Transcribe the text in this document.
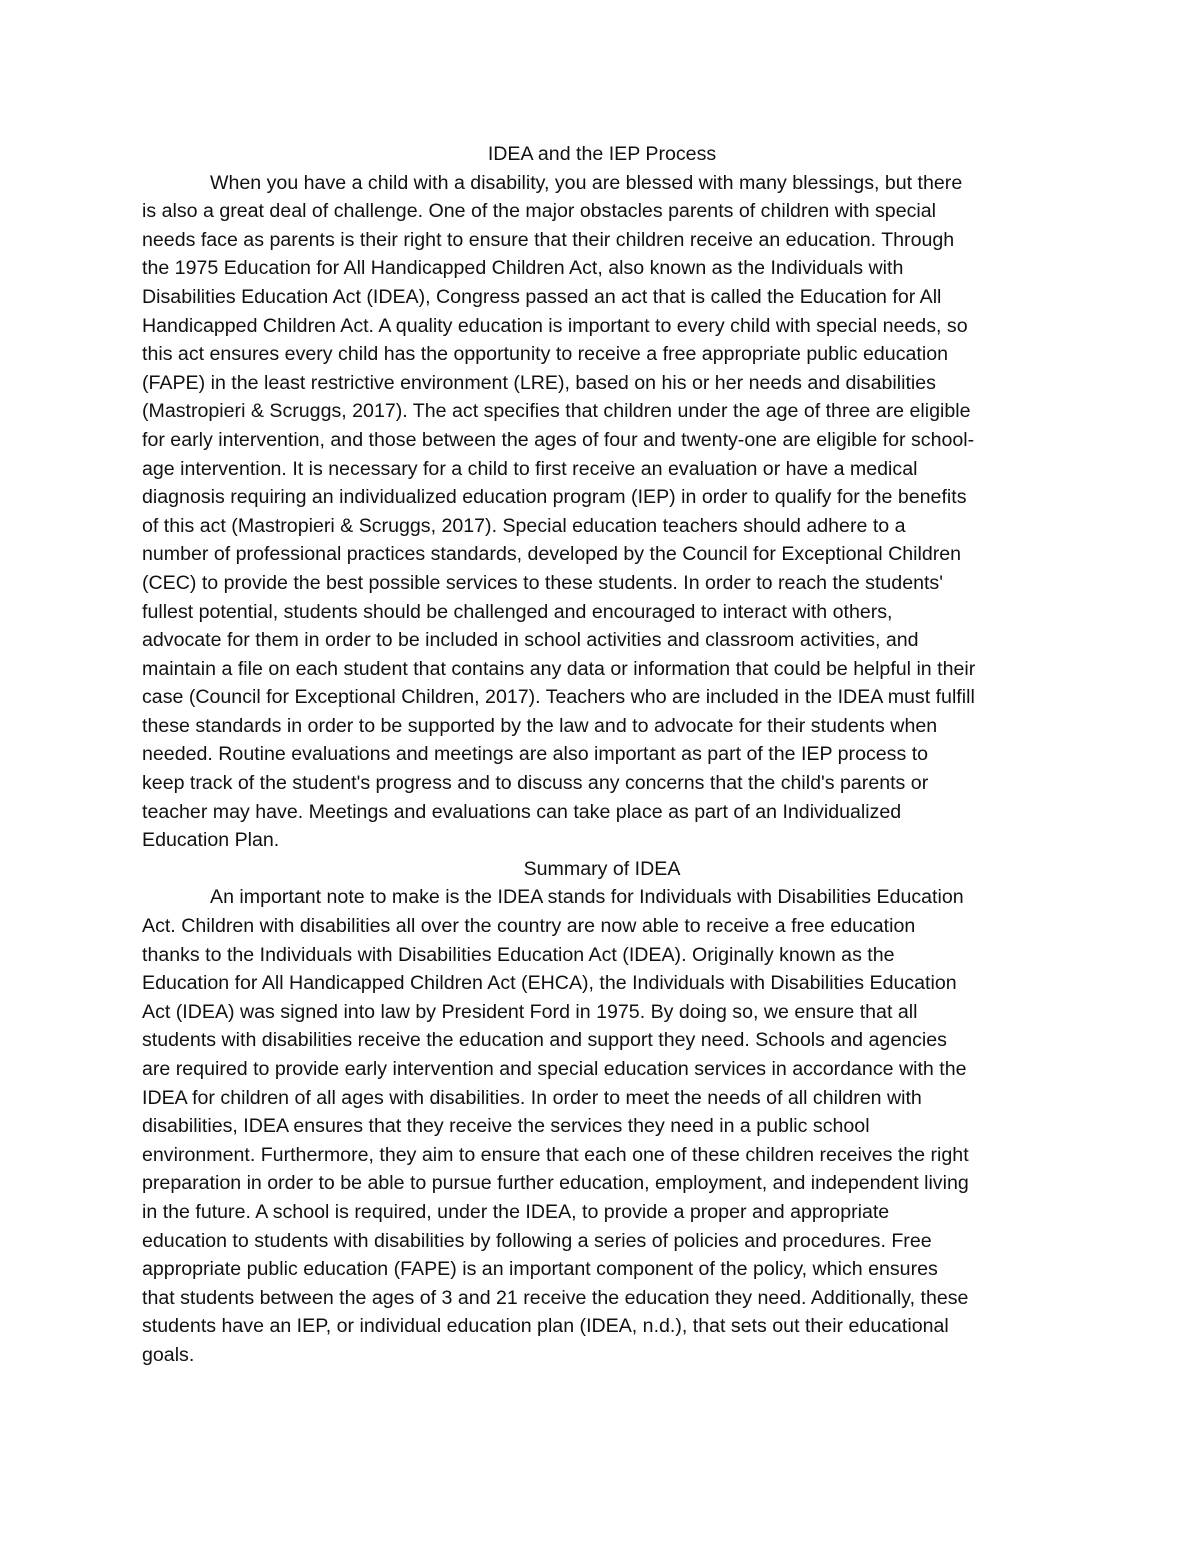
IDEA and the IEP Process
When you have a child with a disability, you are blessed with many blessings, but there
is also a great deal of challenge. One of the major obstacles parents of children with special
needs face as parents is their right to ensure that their children receive an education. Through
the 1975 Education for All Handicapped Children Act, also known as the Individuals with
Disabilities Education Act (IDEA), Congress passed an act that is called the Education for All
Handicapped Children Act. A quality education is important to every child with special needs, so
this act ensures every child has the opportunity to receive a free appropriate public education
(FAPE) in the least restrictive environment (LRE), based on his or her needs and disabilities
(Mastropieri & Scruggs, 2017). The act specifies that children under the age of three are eligible
for early intervention, and those between the ages of four and twenty-one are eligible for school-
age intervention. It is necessary for a child to first receive an evaluation or have a medical
diagnosis requiring an individualized education program (IEP) in order to qualify for the benefits
of this act (Mastropieri & Scruggs, 2017). Special education teachers should adhere to a
number of professional practices standards, developed by the Council for Exceptional Children
(CEC) to provide the best possible services to these students. In order to reach the students'
fullest potential, students should be challenged and encouraged to interact with others,
advocate for them in order to be included in school activities and classroom activities, and
maintain a file on each student that contains any data or information that could be helpful in their
case (Council for Exceptional Children, 2017). Teachers who are included in the IDEA must fulfill
these standards in order to be supported by the law and to advocate for their students when
needed. Routine evaluations and meetings are also important as part of the IEP process to
keep track of the student's progress and to discuss any concerns that the child's parents or
teacher may have. Meetings and evaluations can take place as part of an Individualized
Education Plan.
Summary of IDEA
An important note to make is the IDEA stands for Individuals with Disabilities Education
Act. Children with disabilities all over the country are now able to receive a free education
thanks to the Individuals with Disabilities Education Act (IDEA). Originally known as the
Education for All Handicapped Children Act (EHCA), the Individuals with Disabilities Education
Act (IDEA) was signed into law by President Ford in 1975. By doing so, we ensure that all
students with disabilities receive the education and support they need. Schools and agencies
are required to provide early intervention and special education services in accordance with the
IDEA for children of all ages with disabilities. In order to meet the needs of all children with
disabilities, IDEA ensures that they receive the services they need in a public school
environment. Furthermore, they aim to ensure that each one of these children receives the right
preparation in order to be able to pursue further education, employment, and independent living
in the future. A school is required, under the IDEA, to provide a proper and appropriate
education to students with disabilities by following a series of policies and procedures. Free
appropriate public education (FAPE) is an important component of the policy, which ensures
that students between the ages of 3 and 21 receive the education they need. Additionally, these
students have an IEP, or individual education plan (IDEA, n.d.), that sets out their educational
goals.
